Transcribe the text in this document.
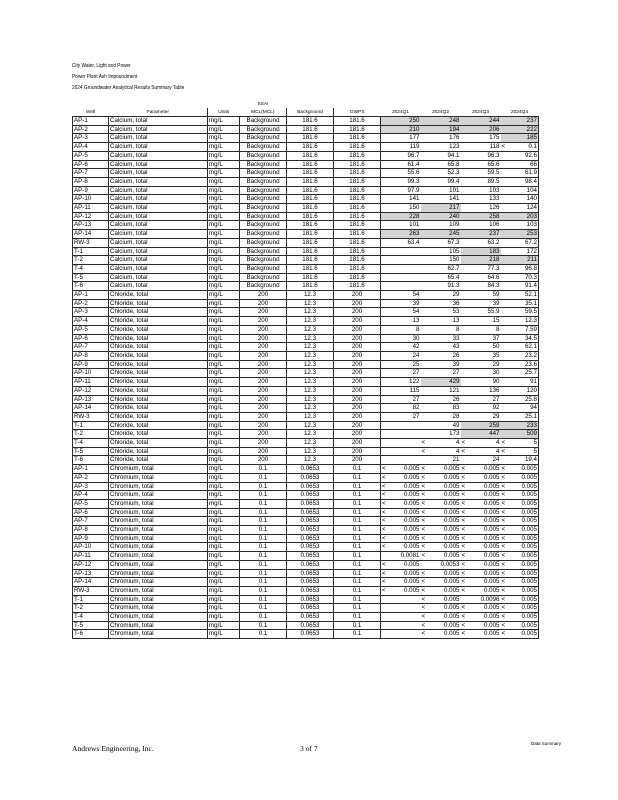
City Water, Light and Power
Power Plant Ash Impoundment
2024 Groundwater Analytical Results Summary Table
			SSAI						
Well	Parameter	Units	MCL(MCL)	Background	GWPS	2024Q1	2024Q2	2024Q3	2024Q4
AP-1	Calcium, total	mg/L	Background	181.6	181.6	250	248	244	237
AP-2	Calcium, total	mg/L	Background	181.6	181.6	210	194	206	222
AP-3	Calcium, total	mg/L	Background	181.6	181.6	177	176	175	185
AP-4	Calcium, total	mg/L	Background	181.6	181.6	119	123	118	< 0.1
AP-5	Calcium, total	mg/L	Background	181.6	181.6	96.7	94.1	96.3	92.6
AP-6	Calcium, total	mg/L	Background	181.6	181.6	61.4	65.8	65.6	66
AP-7	Calcium, total	mg/L	Background	181.6	181.6	55.6	52.3	59.5	61.9
AP-8	Calcium, total	mg/L	Background	181.6	181.6	99.3	99.4	89.5	98.4
AP-9	Calcium, total	mg/L	Background	181.6	181.6	97.9	101	103	104
AP-10	Calcium, total	mg/L	Background	181.6	181.6	141	141	133	140
AP-11	Calcium, total	mg/L	Background	181.6	181.6	150	217	126	124
AP-12	Calcium, total	mg/L	Background	181.6	181.6	228	240	258	203
AP-13	Calcium, total	mg/L	Background	181.6	181.6	101	109	106	103
AP-14	Calcium, total	mg/L	Background	181.6	181.6	263	245	237	253
RW-3	Calcium, total	mg/L	Background	181.6	181.6	63.4	67.3	63.2	67.2
T-1	Calcium, total	mg/L	Background	181.6	181.6		105	183	172
T-2	Calcium, total	mg/L	Background	181.6	181.6		150	218	211
T-4	Calcium, total	mg/L	Background	181.6	181.6		62.7	77.3	96.8
T-5	Calcium, total	mg/L	Background	181.6	181.6		65.4	64.6	70.3
T-6	Calcium, total	mg/L	Background	181.6	181.6		91.3	84.3	91.4
AP-1	Chloride, total	mg/L	200	12.3	200	54	29	59	52.1
AP-2	Chloride, total	mg/L	200	12.3	200	39	36	39	35.1
AP-3	Chloride, total	mg/L	200	12.3	200	54	53	55.9	59.5
AP-4	Chloride, total	mg/L	200	12.3	200	13	13	15	12.3
AP-5	Chloride, total	mg/L	200	12.3	200	8	8	8	7.59
AP-6	Chloride, total	mg/L	200	12.3	200	30	33	37	34.5
AP-7	Chloride, total	mg/L	200	12.3	200	42	43	50	62.1
AP-8	Chloride, total	mg/L	200	12.3	200	24	26	35	23.2
AP-9	Chloride, total	mg/L	200	12.3	200	25	39	29	23.6
AP-10	Chloride, total	mg/L	200	12.3	200	27	27	30	25.7
AP-11	Chloride, total	mg/L	200	12.3	200	122	429	90	91
AP-12	Chloride, total	mg/L	200	12.3	200	115	121	136	120
AP-13	Chloride, total	mg/L	200	12.3	200	27	26	27	25.8
AP-14	Chloride, total	mg/L	200	12.3	200	82	83	92	94
RW-3	Chloride, total	mg/L	200	12.3	200	27	28	29	25.1
T-1	Chloride, total	mg/L	200	12.3	200		49	259	233
T-2	Chloride, total	mg/L	200	12.3	200		173	447	509
T-4	Chloride, total	mg/L	200	12.3	200		< 4	< 4	< 5
T-5	Chloride, total	mg/L	200	12.3	200		< 4	< 4	< 5
T-6	Chloride, total	mg/L	200	12.3	200		21	24	19.4
AP-1	Chromium, total	mg/L	0.1	0.0653	0.1	< 0.005	< 0.005	< 0.005	< 0.005
AP-2	Chromium, total	mg/L	0.1	0.0653	0.1	< 0.005	< 0.005	< 0.005	< 0.005
AP-3	Chromium, total	mg/L	0.1	0.0653	0.1	< 0.005	< 0.005	< 0.005	< 0.005
AP-4	Chromium, total	mg/L	0.1	0.0653	0.1	< 0.005	< 0.005	< 0.005	< 0.005
AP-5	Chromium, total	mg/L	0.1	0.0653	0.1	< 0.005	< 0.005	< 0.005	< 0.005
AP-6	Chromium, total	mg/L	0.1	0.0653	0.1	< 0.005	< 0.005	< 0.005	< 0.005
AP-7	Chromium, total	mg/L	0.1	0.0653	0.1	< 0.005	< 0.005	< 0.005	< 0.005
AP-8	Chromium, total	mg/L	0.1	0.0653	0.1	< 0.005	< 0.005	< 0.005	< 0.005
AP-9	Chromium, total	mg/L	0.1	0.0653	0.1	< 0.005	< 0.005	< 0.005	< 0.005
AP-10	Chromium, total	mg/L	0.1	0.0653	0.1	< 0.005	< 0.005	< 0.005	< 0.005
AP-11	Chromium, total	mg/L	0.1	0.0653	0.1	0.0081	< 0.005	< 0.005	< 0.005
AP-12	Chromium, total	mg/L	0.1	0.0653	0.1	< 0.005	0.0053	< 0.005	< 0.005
AP-13	Chromium, total	mg/L	0.1	0.0653	0.1	< 0.005	< 0.005	< 0.005	< 0.005
AP-14	Chromium, total	mg/L	0.1	0.0653	0.1	< 0.005	< 0.005	< 0.005	< 0.005
RW-3	Chromium, total	mg/L	0.1	0.0653	0.1	< 0.005	< 0.005	< 0.005	< 0.005
T-1	Chromium, total	mg/L	0.1	0.0653	0.1		< 0.005	0.0096	< 0.005
T-2	Chromium, total	mg/L	0.1	0.0653	0.1		< 0.005	< 0.005	< 0.005
T-4	Chromium, total	mg/L	0.1	0.0653	0.1		< 0.005	< 0.005	< 0.005
T-5	Chromium, total	mg/L	0.1	0.0653	0.1		< 0.005	< 0.005	< 0.005
T-6	Chromium, total	mg/L	0.1	0.0653	0.1		< 0.005	< 0.005	< 0.005
Andrews Engineering, Inc.	3 of 7
Data Summary
